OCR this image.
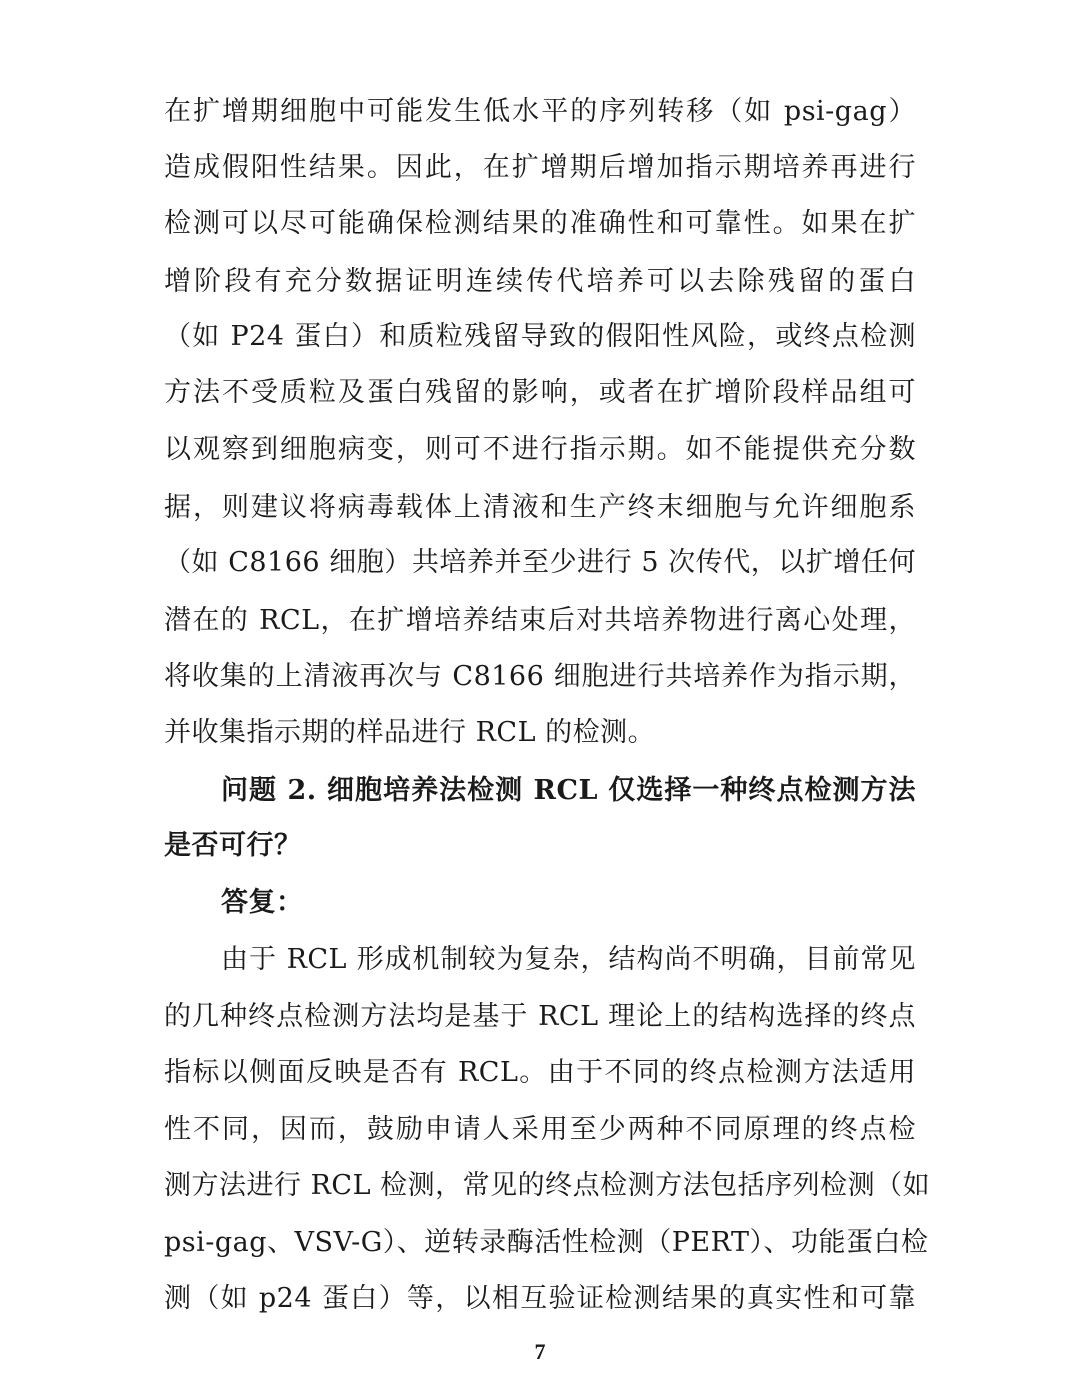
在扩增期细胞中可能发生低水平的序列转移（如 psi-gag）
造成假阳性结果。因此，在扩增期后增加指示期培养再进行
检测可以尽可能确保检测结果的准确性和可靠性。如果在扩
增阶段有充分数据证明连续传代培养可以去除残留的蛋白
（如 P24 蛋白）和质粒残留导致的假阳性风险，或终点检测
方法不受质粒及蛋白残留的影响，或者在扩增阶段样品组可
以观察到细胞病变，则可不进行指示期。如不能提供充分数
据，则建议将病毒载体上清液和生产终末细胞与允许细胞系
（如 C8166 细胞）共培养并至少进行 5 次传代，以扩增任何
潜在的 RCL，在扩增培养结束后对共培养物进行离心处理，
将收集的上清液再次与 C8166 细胞进行共培养作为指示期，
并收集指示期的样品进行 RCL 的检测。
问题 2. 细胞培养法检测 RCL 仅选择一种终点检测方法
是否可行？
答复：
由于 RCL 形成机制较为复杂，结构尚不明确，目前常见
的几种终点检测方法均是基于 RCL 理论上的结构选择的终点
指标以侧面反映是否有 RCL。由于不同的终点检测方法适用
性不同，因而，鼓励申请人采用至少两种不同原理的终点检
测方法进行 RCL 检测，常见的终点检测方法包括序列检测（如
psi-gag、VSV-G）、逆转录酶活性检测（PERT）、功能蛋白检
测（如 p24 蛋白）等，以相互验证检测结果的真实性和可靠
7
